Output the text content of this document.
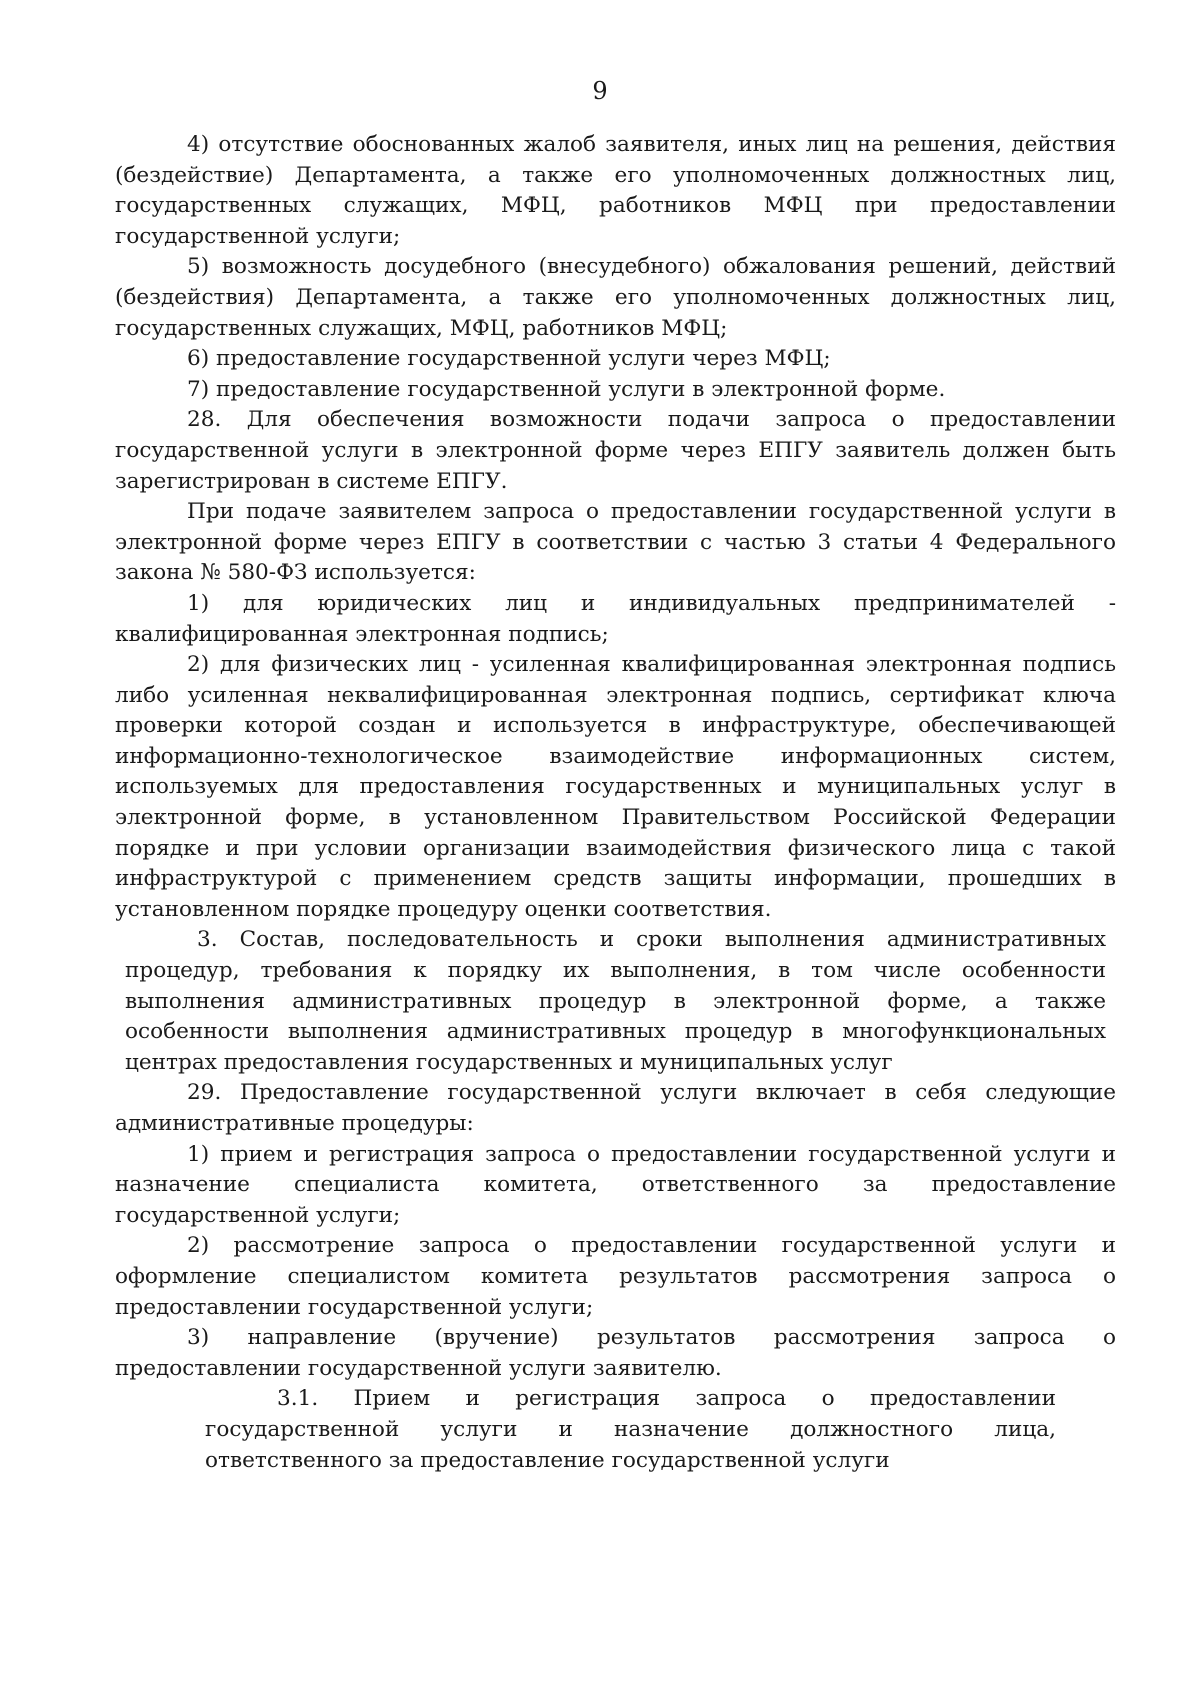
9

4) отсутствие обоснованных жалоб заявителя, иных лиц на решения, действия (бездействие) Департамента, а также его уполномоченных должностных лиц, государственных служащих, МФЦ, работников МФЦ при предоставлении государственной услуги;

5) возможность досудебного (внесудебного) обжалования решений, действий (бездействия) Департамента, а также его уполномоченных должностных лиц, государственных служащих, МФЦ, работников МФЦ;

6) предоставление государственной услуги через МФЦ;

7) предоставление государственной услуги в электронной форме.

28. Для обеспечения возможности подачи запроса о предоставлении государственной услуги в электронной форме через ЕПГУ заявитель должен быть зарегистрирован в системе ЕПГУ.

При подаче заявителем запроса о предоставлении государственной услуги в электронной форме через ЕПГУ в соответствии с частью 3 статьи 4 Федерального закона № 580-ФЗ используется:

1) для юридических лиц и индивидуальных предпринимателей - квалифицированная электронная подпись;

2) для физических лиц - усиленная квалифицированная электронная подпись либо усиленная неквалифицированная электронная подпись, сертификат ключа проверки которой создан и используется в инфраструктуре, обеспечивающей информационно-технологическое взаимодействие информационных систем, используемых для предоставления государственных и муниципальных услуг в электронной форме, в установленном Правительством Российской Федерации порядке и при условии организации взаимодействия физического лица с такой инфраструктурой с применением средств защиты информации, прошедших в установленном порядке процедуру оценки соответствия.

3. Состав, последовательность и сроки выполнения административных процедур, требования к порядку их выполнения, в том числе особенности выполнения административных процедур в электронной форме, а также особенности выполнения административных процедур в многофункциональных центрах предоставления государственных и муниципальных услуг

29. Предоставление государственной услуги включает в себя следующие административные процедуры:

1) прием и регистрация запроса о предоставлении государственной услуги и назначение специалиста комитета, ответственного за предоставление государственной услуги;

2) рассмотрение запроса о предоставлении государственной услуги и оформление специалистом комитета результатов рассмотрения запроса о предоставлении государственной услуги;

3) направление (вручение) результатов рассмотрения запроса о предоставлении государственной услуги заявителю.

3.1. Прием и регистрация запроса о предоставлении государственной услуги и назначение должностного лица, ответственного за предоставление государственной услуги
